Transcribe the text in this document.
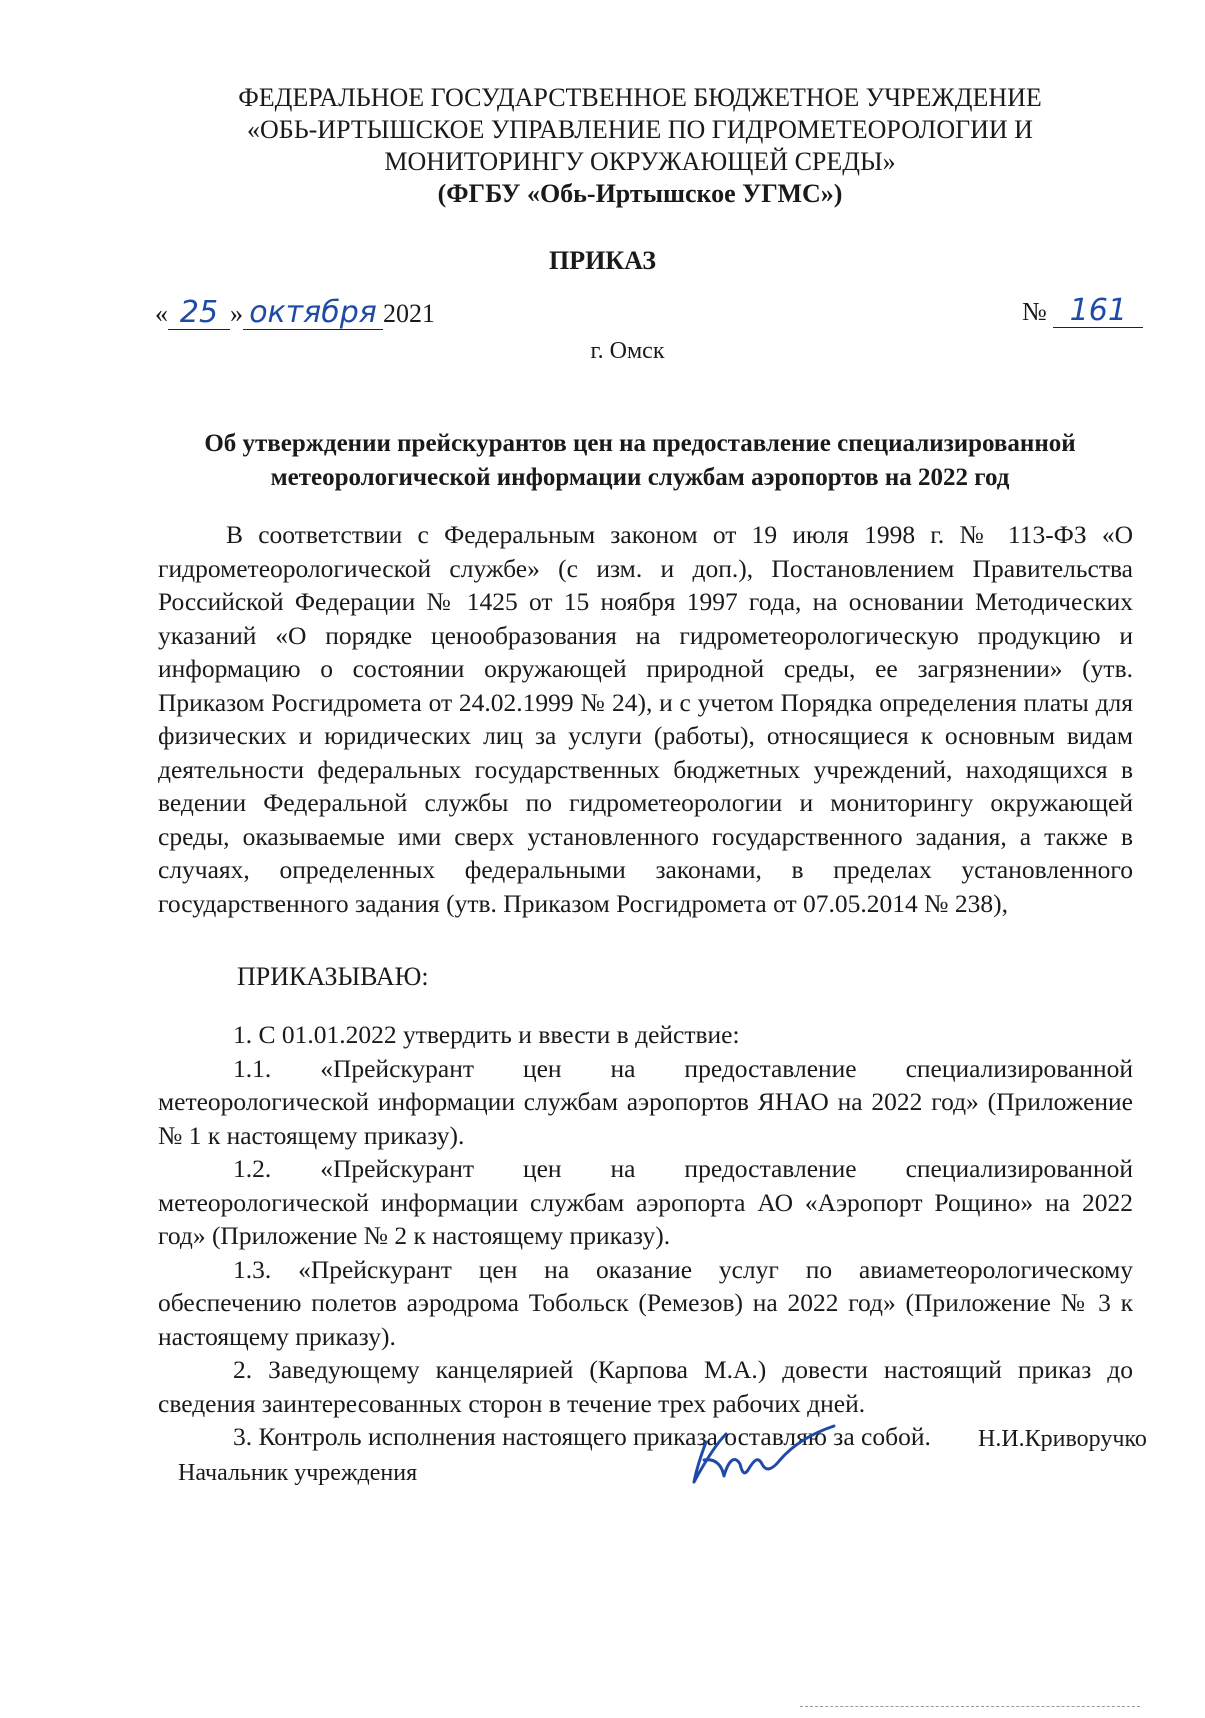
ФЕДЕРАЛЬНОЕ ГОСУДАРСТВЕННОЕ БЮДЖЕТНОЕ УЧРЕЖДЕНИЕ
«ОБЬ-ИРТЫШСКОЕ УПРАВЛЕНИЕ ПО ГИДРОМЕТЕОРОЛОГИИ И
МОНИТОРИНГУ ОКРУЖАЮЩЕЙ СРЕДЫ»
(ФГБУ «Обь-Иртышское УГМС»)
ПРИКАЗ
« 25 » октября 2021	№ 161
г. Омск
Об утверждении прейскурантов цен на предоставление специализированной
метеорологической информации службам аэропортов на 2022 год
В соответствии с Федеральным законом от 19 июля 1998 г. № 113-ФЗ «О гидрометеорологической службе» (с изм. и доп.), Постановлением Правительства Российской Федерации № 1425 от 15 ноября 1997 года, на основании Методических указаний «О порядке ценообразования на гидрометеорологическую продукцию и информацию о состоянии окружающей природной среды, ее загрязнении» (утв. Приказом Росгидромета от 24.02.1999 № 24), и с учетом Порядка определения платы для физических и юридических лиц за услуги (работы), относящиеся к основным видам деятельности федеральных государственных бюджетных учреждений, находящихся в ведении Федеральной службы по гидрометеорологии и мониторингу окружающей среды, оказываемые ими сверх установленного государственного задания, а также в случаях, определенных федеральными законами, в пределах установленного государственного задания (утв. Приказом Росгидромета от 07.05.2014 № 238),
ПРИКАЗЫВАЮ:

1. С 01.01.2022 утвердить и ввести в действие:

1.1. «Прейскурант цен на предоставление специализированной метеорологической информации службам аэропортов ЯНАО на 2022 год» (Приложение № 1 к настоящему приказу).

1.2. «Прейскурант цен на предоставление специализированной метеорологической информации службам аэропорта АО «Аэропорт Рощино» на 2022 год» (Приложение № 2 к настоящему приказу).

1.3. «Прейскурант цен на оказание услуг по авиаметеорологическому обеспечению полетов аэродрома Тобольск (Ремезов) на 2022 год» (Приложение № 3 к настоящему приказу).

2. Заведующему канцелярией (Карпова М.А.) довести настоящий приказ до сведения заинтересованных сторон в течение трех рабочих дней.

3. Контроль исполнения настоящего приказа оставляю за собой.

Начальник учреждения
Н.И.Криворучко
